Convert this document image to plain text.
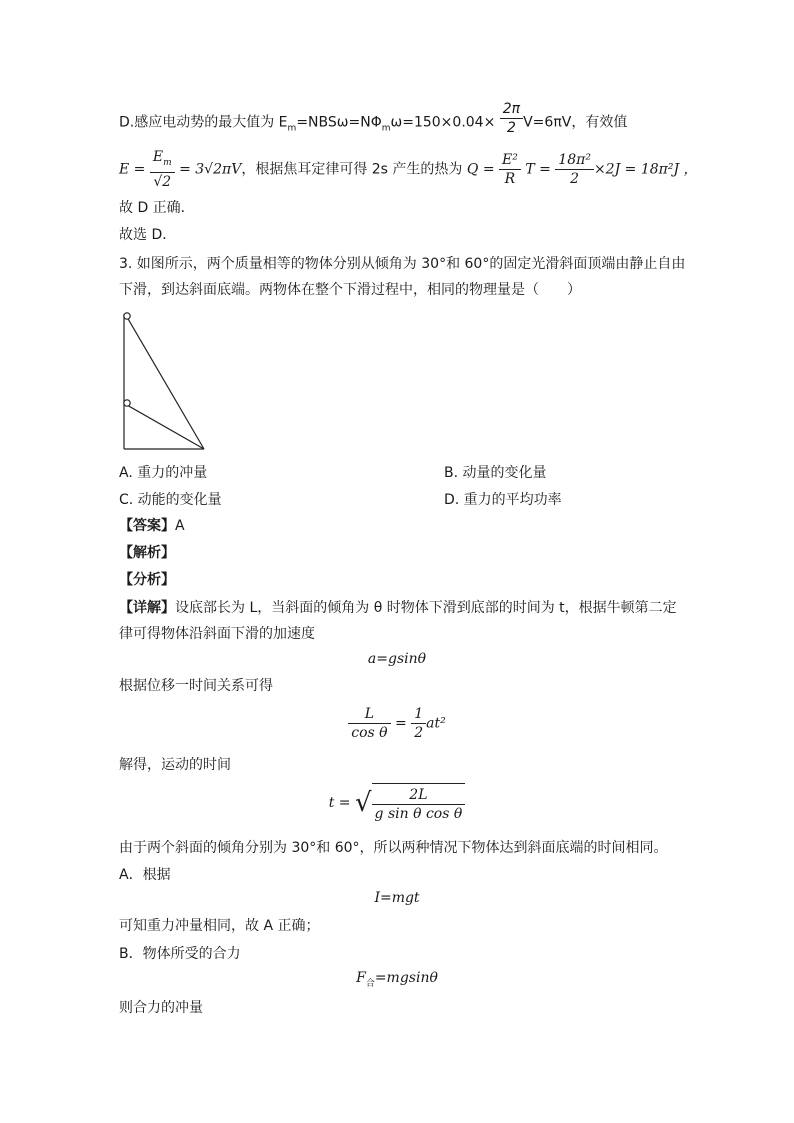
D.感应电动势的最大值为 $E_m=NBS\omega=N\Phi_m\omega=150\times 0.04\times \frac{2\pi}{2} V=6\pi V$，有效值
$E = \frac{E_m}{√2} = 3√2\pi V$，根据焦耳定律可得 2s 产生的热为 $Q = \frac{\text{E²}}{R}$ $T = \frac{\text{18π²}}{2} \times 2J = 18\pi^2J$ ，
故 D 正确．
故选 D．
3. 如图所示，两个质量相等的物体分别从倾角为 30°和 60°的固定光滑斜面顶端由静止自由
下滑，到达斜面底端。两物体在整个下滑过程中，相同的物理量是（　　）
A. 重力的冲量	B. 动量的变化量
C. 动能的变化量	D. 重力的平均功率
【答案】A
【解析】
【分析】
【详解】设底部长为 L，当斜面的倾角为 θ 时物体下滑到底部的时间为 t，根据牛顿第二定
律可得物体沿斜面下滑的加速度
a=gsinθ
根据位移一时间关系可得
$\frac{L}{\text{cos θ}} = \frac{1}{2} at^2$
解得，运动的时间
t = √ $\frac{2L}{\text{g sin θ cos θ}}$
由于两个斜面的倾角分别为 30°和 60°，所以两种情况下物体达到斜面底端的时间相同。
A．根据
I=mgt
可知重力冲量相同，故 A 正确；
B．物体所受的合力
$F_合=mgsin\theta$
则合力的冲量
